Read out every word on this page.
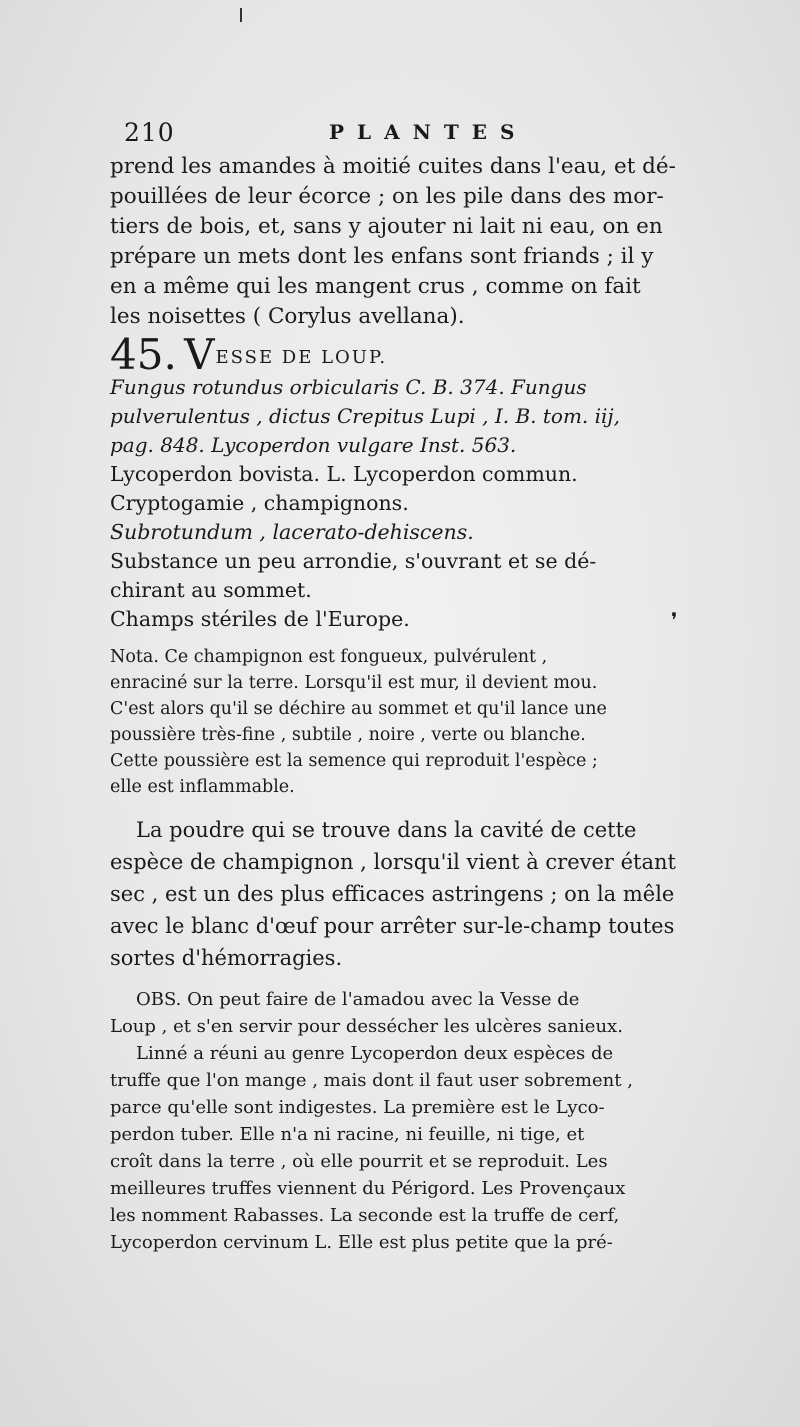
210	PLANTES

prend les amandes à moitié cuites dans l'eau, et dé-
pouillées de leur écorce ; on les pile dans des mor-
tiers de bois, et, sans y ajouter ni lait ni eau, on en
prépare un mets dont les enfans sont friands ; il y
en a même qui les mangent crus , comme on fait
les noisettes ( Corylus avellana).

45. VESSE DE LOUP.

Fungus rotundus orbicularis C. B. 374. Fungus
pulverulentus , dictus Crepitus Lupi , I. B. tom. iij,
pag. 848. Lycoperdon vulgare Inst. 563.

Lycoperdon bovista. L. Lycoperdon commun.

Cryptogamie , champignons.

Subrotundum , lacerato-dehiscens.

Substance un peu arrondie, s'ouvrant et se dé-
chirant au sommet.

Champs stériles de l'Europe.

Nota. Ce champignon est fongueux, pulvérulent ,
enraciné sur la terre. Lorsqu'il est mur, il devient mou.
C'est alors qu'il se déchire au sommet et qu'il lance une
poussière très-fine , subtile , noire , verte ou blanche.
Cette poussière est la semence qui reproduit l'espèce ;
elle est inflammable.

La poudre qui se trouve dans la cavité de cette
espèce de champignon , lorsqu'il vient à crever étant
sec , est un des plus efficaces astringens ; on la mêle
avec le blanc d'œuf pour arrêter sur-le-champ toutes
sortes d'hémorragies.

OBS. On peut faire de l'amadou avec la Vesse de
Loup , et s'en servir pour dessécher les ulcères sanieux.

Linné a réuni au genre Lycoperdon deux espèces de
truffe que l'on mange , mais dont il faut user sobrement ,
parce qu'elle sont indigestes. La première est le Lyco-
perdon tuber. Elle n'a ni racine, ni feuille, ni tige, et
croît dans la terre , où elle pourrit et se reproduit. Les
meilleures truffes viennent du Périgord. Les Provençaux
les nomment Rabasses. La seconde est la truffe de cerf,
Lycoperdon cervinum L. Elle est plus petite que la pré-

❜
